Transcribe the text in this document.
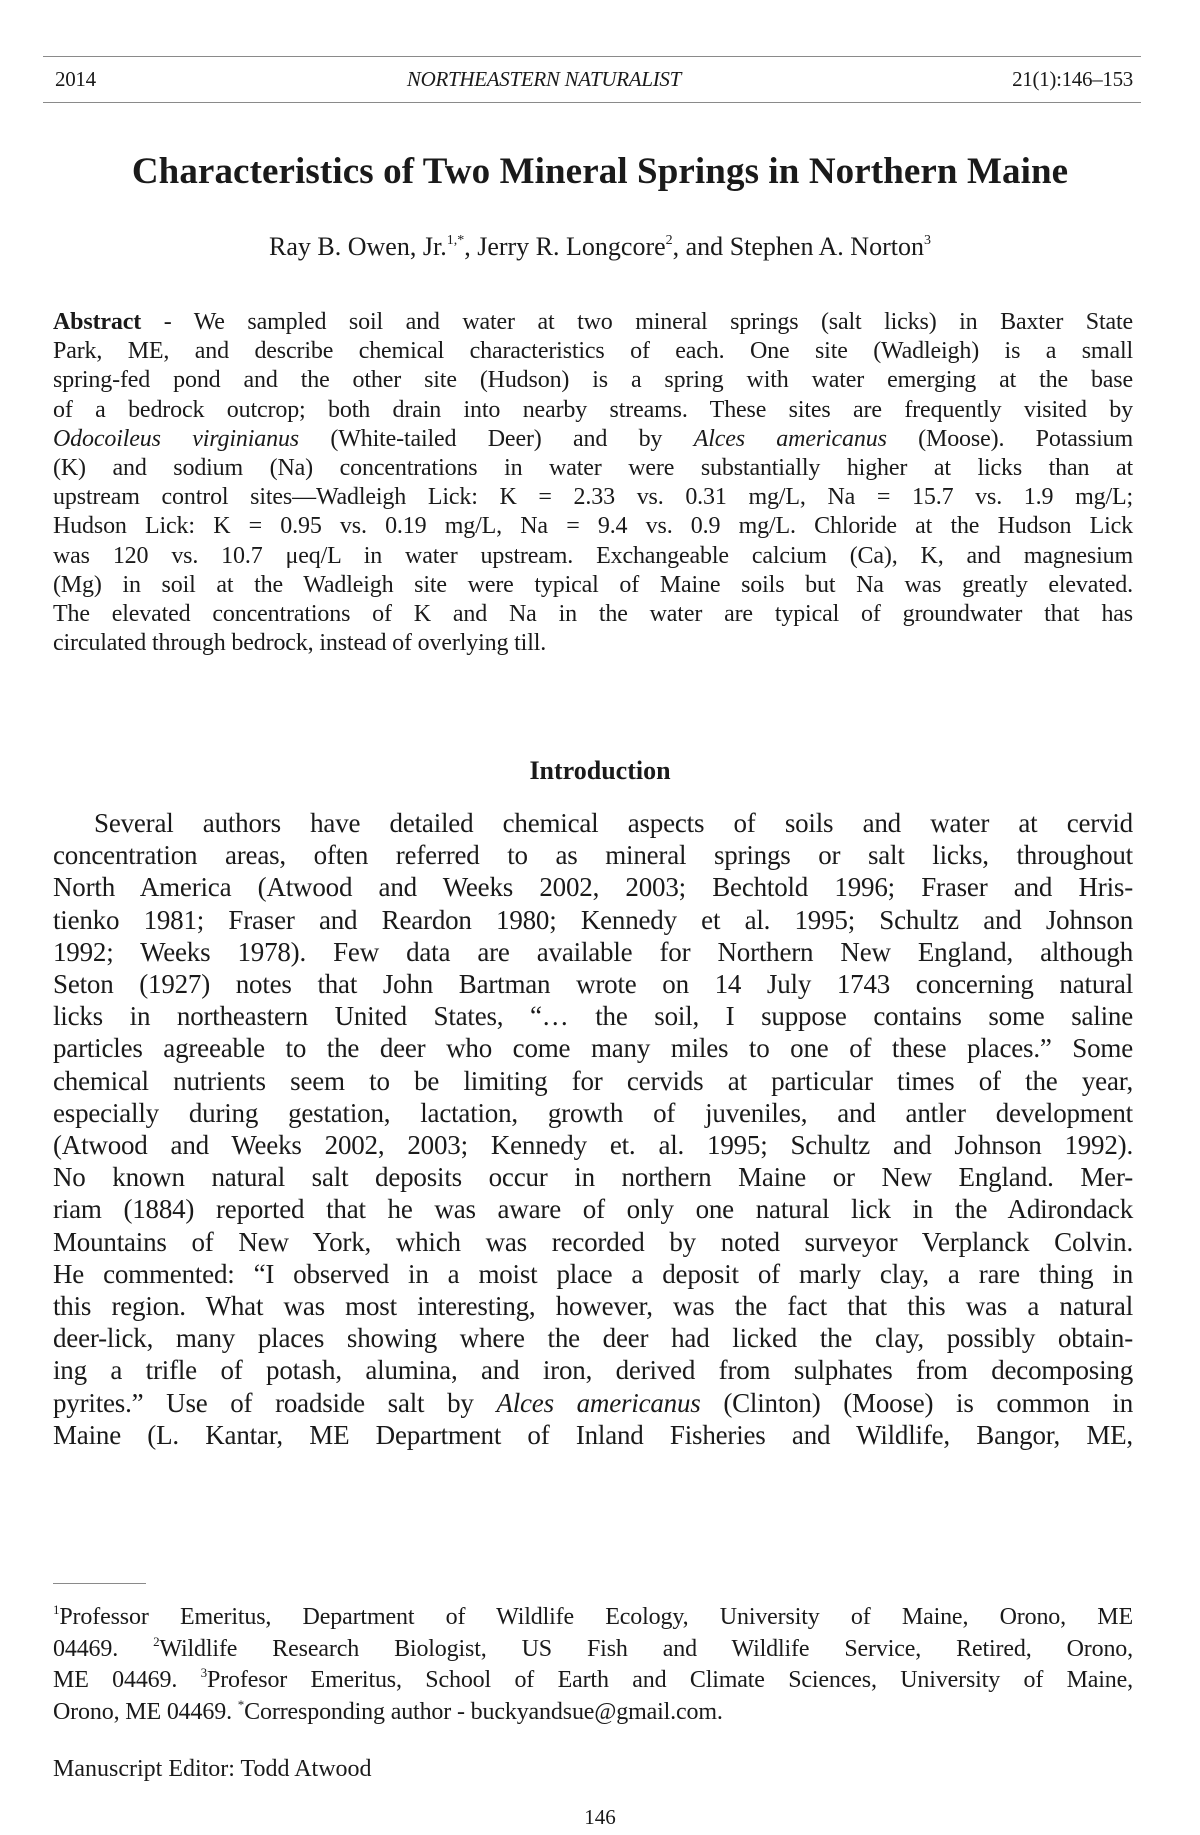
2014	NORTHEASTERN NATURALIST	21(1):146–153
Characteristics of Two Mineral Springs in Northern Maine
Ray B. Owen, Jr.$^{1,*}$, Jerry R. Longcore$^2$, and Stephen A. Norton$^3$
Abstract - We sampled soil and water at two mineral springs (salt licks) in Baxter State
Park, ME, and describe chemical characteristics of each. One site (Wadleigh) is a small
spring-fed pond and the other site (Hudson) is a spring with water emerging at the base
of a bedrock outcrop; both drain into nearby streams. These sites are frequently visited by
Odocoileus virginianus (White-tailed Deer) and by Alces americanus (Moose). Potassium
(K) and sodium (Na) concentrations in water were substantially higher at licks than at
upstream control sites—Wadleigh Lick: K = 2.33 vs. 0.31 mg/L, Na = 15.7 vs. 1.9 mg/L;
Hudson Lick: K = 0.95 vs. 0.19 mg/L, Na = 9.4 vs. 0.9 mg/L. Chloride at the Hudson Lick
was 120 vs. 10.7 μeq/L in water upstream. Exchangeable calcium (Ca), K, and magnesium
(Mg) in soil at the Wadleigh site were typical of Maine soils but Na was greatly elevated.
The elevated concentrations of K and Na in the water are typical of groundwater that has
circulated through bedrock, instead of overlying till.
Introduction
Several authors have detailed chemical aspects of soils and water at cervid
concentration areas, often referred to as mineral springs or salt licks, throughout
North America (Atwood and Weeks 2002, 2003; Bechtold 1996; Fraser and Hris-
tienko 1981; Fraser and Reardon 1980; Kennedy et al. 1995; Schultz and Johnson
1992; Weeks 1978). Few data are available for Northern New England, although
Seton (1927) notes that John Bartman wrote on 14 July 1743 concerning natural
licks in northeastern United States, “… the soil, I suppose contains some saline
particles agreeable to the deer who come many miles to one of these places.” Some
chemical nutrients seem to be limiting for cervids at particular times of the year,
especially during gestation, lactation, growth of juveniles, and antler development
(Atwood and Weeks 2002, 2003; Kennedy et. al. 1995; Schultz and Johnson 1992).
No known natural salt deposits occur in northern Maine or New England. Mer-
riam (1884) reported that he was aware of only one natural lick in the Adirondack
Mountains of New York, which was recorded by noted surveyor Verplanck Colvin.
He commented: “I observed in a moist place a deposit of marly clay, a rare thing in
this region. What was most interesting, however, was the fact that this was a natural
deer-lick, many places showing where the deer had licked the clay, possibly obtain-
ing a trifle of potash, alumina, and iron, derived from sulphates from decomposing
pyrites.” Use of roadside salt by Alces americanus (Clinton) (Moose) is common in
Maine (L. Kantar, ME Department of Inland Fisheries and Wildlife, Bangor, ME,
$^1$Professor Emeritus, Department of Wildlife Ecology, University of Maine, Orono, ME
04469. $^2$Wildlife Research Biologist, US Fish and Wildlife Service, Retired, Orono,
ME 04469. $^3$Profesor Emeritus, School of Earth and Climate Sciences, University of Maine,
Orono, ME 04469. *Corresponding author - buckyandsue@gmail.com.
Manuscript Editor: Todd Atwood
146
